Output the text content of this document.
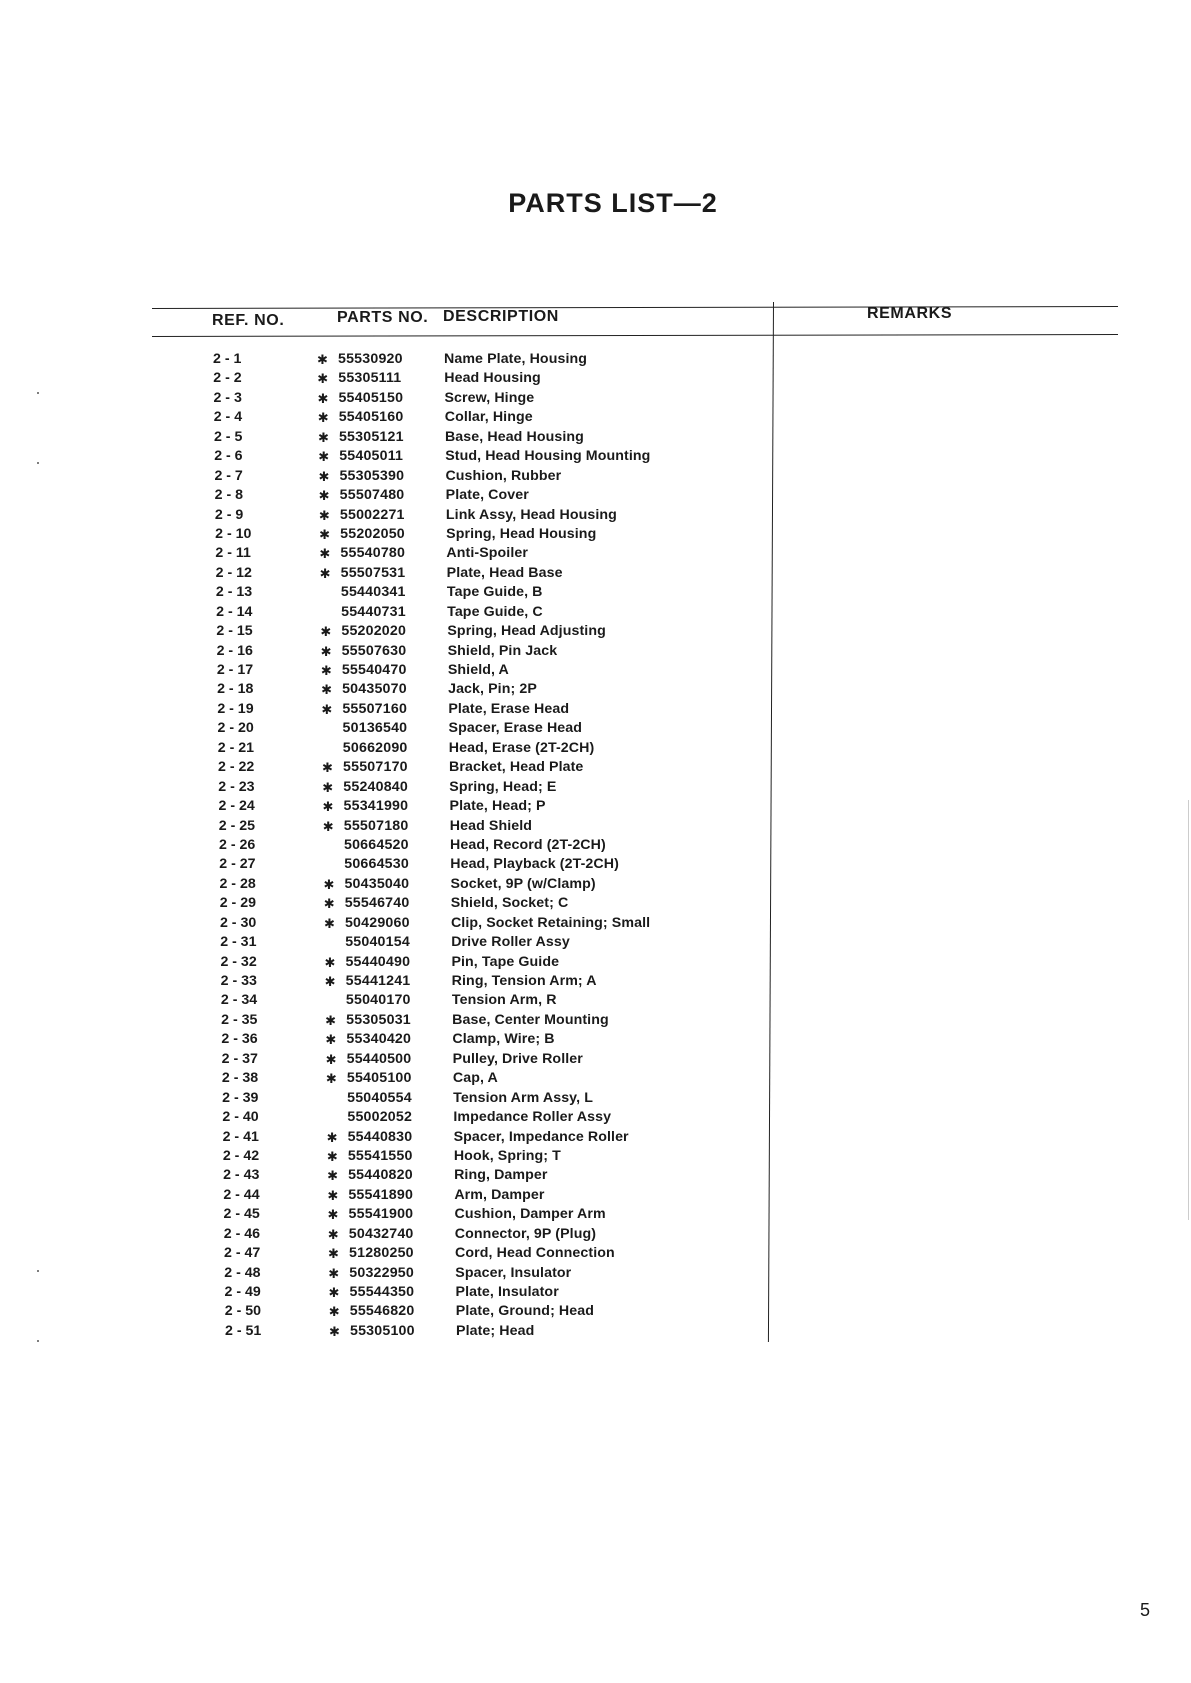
PARTS LIST—2
REF. NO.	PARTS NO. DESCRIPTION	REMARKS
2 - 1	✱ 55530920	Name Plate, Housing
2 - 2	✱ 55305111	Head Housing
2 - 3	✱ 55405150	Screw, Hinge
2 - 4	✱ 55405160	Collar, Hinge
2 - 5	✱ 55305121	Base, Head Housing
2 - 6	✱ 55405011	Stud, Head Housing Mounting
2 - 7	✱ 55305390	Cushion, Rubber
2 - 8	✱ 55507480	Plate, Cover
2 - 9	✱ 55002271	Link Assy, Head Housing
2 - 10	✱ 55202050	Spring, Head Housing
2 - 11	✱ 55540780	Anti-Spoiler
2 - 12	✱ 55507531	Plate, Head Base
2 - 13	55440341	Tape Guide, B
2 - 14	55440731	Tape Guide, C
2 - 15	✱ 55202020	Spring, Head Adjusting
2 - 16	✱ 55507630	Shield, Pin Jack
2 - 17	✱ 55540470	Shield, A
2 - 18	✱ 50435070	Jack, Pin; 2P
2 - 19	✱ 55507160	Plate, Erase Head
2 - 20	50136540	Spacer, Erase Head
2 - 21	50662090	Head, Erase (2T-2CH)
2 - 22	✱ 55507170	Bracket, Head Plate
2 - 23	✱ 55240840	Spring, Head; E
2 - 24	✱ 55341990	Plate, Head; P
2 - 25	✱ 55507180	Head Shield
2 - 26	50664520	Head, Record (2T-2CH)
2 - 27	50664530	Head, Playback (2T-2CH)
2 - 28	✱ 50435040	Socket, 9P (w/Clamp)
2 - 29	✱ 55546740	Shield, Socket; C
2 - 30	✱ 50429060	Clip, Socket Retaining; Small
2 - 31	55040154	Drive Roller Assy
2 - 32	✱ 55440490	Pin, Tape Guide
2 - 33	✱ 55441241	Ring, Tension Arm; A
2 - 34	55040170	Tension Arm, R
2 - 35	✱ 55305031	Base, Center Mounting
2 - 36	✱ 55340420	Clamp, Wire; B
2 - 37	✱ 55440500	Pulley, Drive Roller
2 - 38	✱ 55405100	Cap, A
2 - 39	55040554	Tension Arm Assy, L
2 - 40	55002052	Impedance Roller Assy
2 - 41	✱ 55440830	Spacer, Impedance Roller
2 - 42	✱ 55541550	Hook, Spring; T
2 - 43	✱ 55440820	Ring, Damper
2 - 44	✱ 55541890	Arm, Damper
2 - 45	✱ 55541900	Cushion, Damper Arm
2 - 46	✱ 50432740	Connector, 9P (Plug)
2 - 47	✱ 51280250	Cord, Head Connection
2 - 48	✱ 50322950	Spacer, Insulator
2 - 49	✱ 55544350	Plate, Insulator
2 - 50	✱ 55546820	Plate, Ground; Head
2 - 51	✱ 55305100	Plate; Head
5
